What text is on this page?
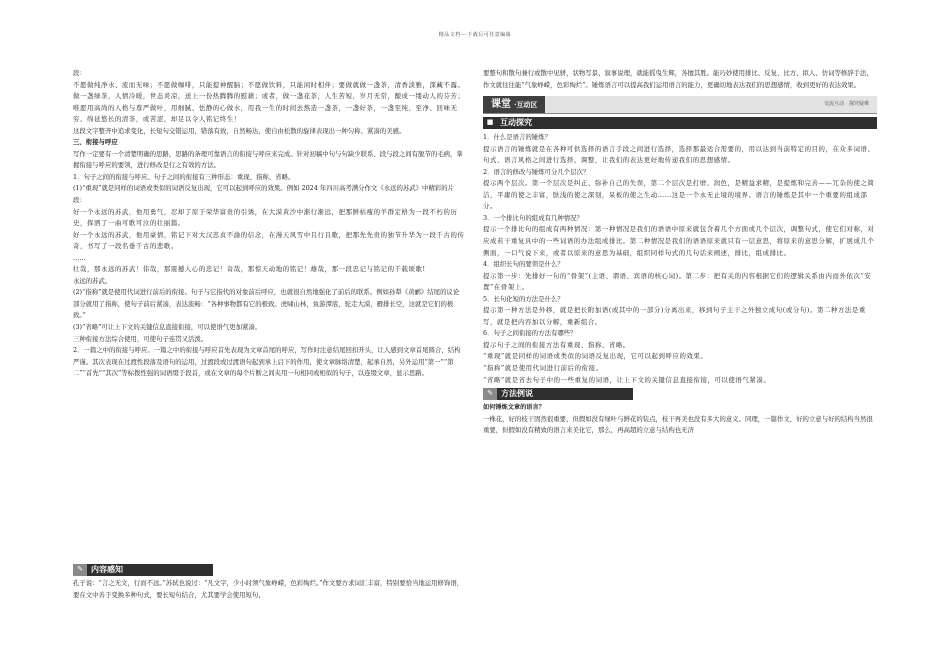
精品文档---下载后可任意编辑

段：

不愿做纯净水、流而无味；不愿做咖啡，只能提神醒脑；不愿做饮料，只能闲时相伴；要做就做一盏茶，清香淡雅，深藏不露。做一盏绿茶，人情冷暖，世态炎凉，送上一份热腾腾的慰藉；或者，做一盏花茶，人生苦短，岁月无常，酿成一缕动人的芬芳；唯愿用高尚的人格与尊严做叶，用细腻、怯静的心做水，用我一生的时间去熬造一盏茶，一盏好茶，一盏至纯、至净、回味无穷、绵延悠长的清茶，或苦涩，却足以令人铭记终生！

这段文字整齐中追求变化，长短句交错运用，错落有致，自然畅达，使自由松散的旋律表现出一种匀称、紧凑的美感。

三、衔接与呼应

写作一定要有一个清楚明确的思路，思路的条理可靠语言的衔接与呼应来完成。针对初稿中句与句缺少联系、段与段之间有脱节的毛病，掌握衔接与呼应的要领，进行修改是行之有效的方法。

1．句子之间的衔接与呼应。句子之间的衔接有三种形态：重现、指称、省略。

(1)“重现”就是同样的词语或类似的词语反复出现，它可以起到呼应的效果。例如 2024 年四川高考满分作文《永远的苏武》中精彩的片段：

好一个永远的苏武，他用勇气，忍却了原于荣华富贵的引诱，在大漠黄沙中渐行渐远，把那鲜枯瘦的羊群定格为一段不朽的历史，挥洒了一曲可歌可泣的壮丽篇。

好一个永远的苏武，他用豪情，铭记下对大汉忠贞不渝的信念，在漫天风雪中且行且歌，把那先先贵的独节升华为一段千古的传奇，书写了一段名垂千古的悲歌。

……

壮哉，那永远的苏武！伟哉，那震撼人心的忠记！奇哉，那惊天动地的铭记！雄哉，那一段忠记与铭记的千载颂歌!

永远的苏武。

(2)“指称”就是使用代词进行前后的衔接。句子与它指代的对象前后呼应，也就很自然地强化了前后的联系。例如孙犁《黄鹂》结尾的议论部分就用了指称，使句子前后紧凑，表达流畅：“各种事物都有它的极致。虎啸山林，鱼游潭底，驼走大漠，雁排长空，这就是它们的极致。”

(3)“省略”可让上下文的关键信息直接衔接，可以使语气更加紧凑。

三种衔接方法综合使用，可使句子连贯又活泼。

2．一篇之中的衔接与呼应。一篇之中的衔接与呼应首先表现为文章首尾的呼应，写作时注意结尾回扣开头，让人感到文章首尾圆合，结构严谨。其次表现在过渡性段落及语句的运用，过渡段或过渡语句起到承上启下的作用，使文章脉络清楚，起承自然，另外运用“第一”“第二”“首先”“其次”等标拨性强的词语缀于段首，或在文章的每个片断之间夹用一句相同或相似的句子，以连缀文章，显示思路。

✎	内容感知

孔子说：“言之无文，行而不远。”苏轼也说过：“凡文字，少小时须气象峥嵘，色彩绚烂。”作文要方求词汇丰富，特别要恰当地运用修饰语，要在文中善于变换多种句式，要长短句结合，尤其要学会使用短句，

要整句和散句兼行或散中见骈，状物写景、叙事说理，就能摇曳生辉，各擅其胜。能巧妙使用排比、反复、比方、拟人、仿词等修辞手法，作文就往往能“气象峥嵘，色彩绚烂”。锤炼语言可以提高我们运用语言的能力，更确切地表达我们的思想感情，收到更好的表达效果。

课堂 ·互动区	交流互动　探究疑难
■ 互动探究

1．什么是语言的锤炼？

提示语言的锤炼就是在各种可供选择的语言手段之间进行选择，选择那最适合需要的，用以达到当前特定的目的，在众多词语、句式、语言风格之间进行选择、调整，让我们的表达更好地传递我们的思想感情。

2．语言的修改与锤炼可分几个层次？

提示两个层次。第一个层次是纠正、弥补自己的失误，第二个层次是打磨、润色，是精益求精，是提炼和完善——冗杂的使之简洁，平庸的使之丰富，肤浅的使之深刻，呆板的使之生动……这是一个永无止境的境界。语言的锤炼是其中一个重要的组成部分。

3．一个排比句的组成有几种情况？

提示一个排比句的组成有两种情况：第一种情况是我们的语语中原来就包含着几个方面或几个层次，调整句式，使它们对称，对应成若干重复具中的一些词语的办法组成排比。第二种情况是我们的语语原来就只有一层意思，将原来的意思分解，扩展成几个侧面，一口气说下来，或者以原来的意思为基础，组织同样句式的几句话来阐述，排比，组成排比。

4．组织长句的要领是什么？

提示第一步：先排好一句的“骨架”(主语、谓语、宾语的核心词)。第二步：把有关的内容根据它们的逻辑关系由内而外依次“安置”在骨架上。

5．长句化短的方法是什么？

提示第一种方法是外移，就是把长附加语(或其中的一部分)分离出来，移到句子主干之外独立成句(或分句)。第二种方法是重写，就是把内容加以分解，重新组合。

6．句子之间衔接的方法有哪些？

提示句子之间的衔接方法有重现、指称、省略。

“重现”就是同样的词语或类似的词语反复出现，它可以起到呼应的效果。

“指称”就是使用代词进行前后的衔接。

“省略”就是省去句子中的一些重复的词语，让上下文的关键信息直接衔接，可以使语气紧凑。

✎	方法例说

如何锤炼文章的语言？

一株花，好的枝干固然很重要，但假如没有绿叶与鲜花的装点，枝干再美也没有多大的意义。同理，一篇作文，好的立意与好的结构当然很重要，但假如没有精致的语言来美化它，那么，再高超的立意与结构也无济
